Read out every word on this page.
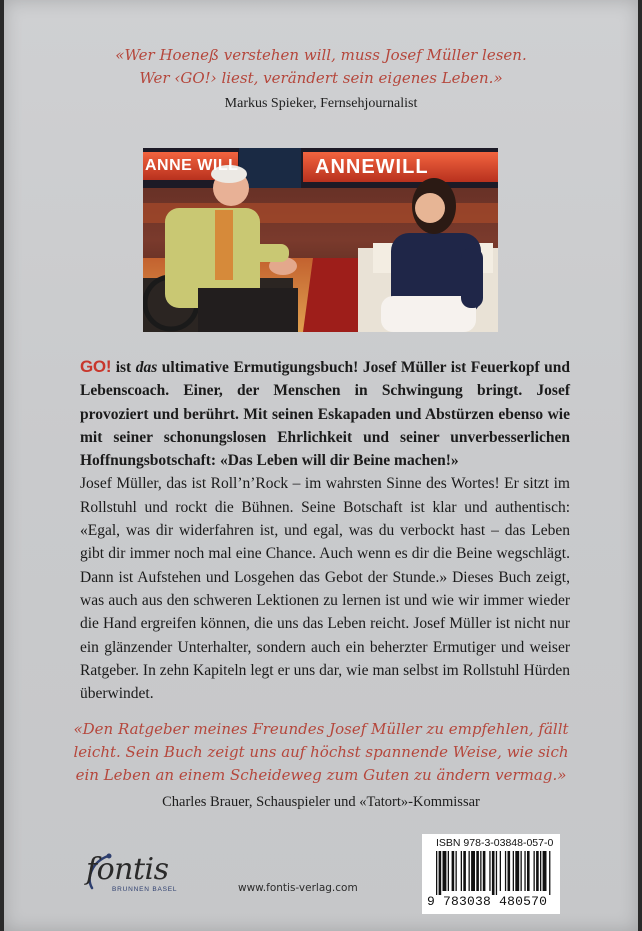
«Wer Hoeneß verstehen will, muss Josef Müller lesen.
Wer ‹GO!› liest, verändert sein eigenes Leben.»
Markus Spieker, Fernsehjournalist
ANNE WILL	ANNEWILL
GO! ist das ultimative Ermutigungsbuch! Josef Müller ist Feuerkopf und Lebenscoach. Einer, der Menschen in Schwingung bringt. Josef provoziert und berührt. Mit seinen Eskapaden und Abstürzen ebenso wie mit seiner schonungslosen Ehrlichkeit und seiner unverbesserlichen Hoffnungsbotschaft: «Das Leben will dir Beine machen!»
Josef Müller, das ist Roll’n’Rock – im wahrsten Sinne des Wortes! Er sitzt im Rollstuhl und rockt die Bühnen. Seine Botschaft ist klar und authentisch: «Egal, was dir widerfahren ist, und egal, was du verbockt hast – das Leben gibt dir immer noch mal eine Chance. Auch wenn es dir die Beine wegschlägt. Dann ist Aufstehen und Losgehen das Gebot der Stunde.» Dieses Buch zeigt, was auch aus den schweren Lektionen zu lernen ist und wie wir immer wieder die Hand ergreifen können, die uns das Leben reicht. Josef Müller ist nicht nur ein glänzender Unterhalter, sondern auch ein beherzter Ermutiger und weiser Ratgeber. In zehn Kapiteln legt er uns dar, wie man selbst im Rollstuhl Hürden überwindet.
«Den Ratgeber meines Freundes Josef Müller zu empfehlen, fällt
leicht. Sein Buch zeigt uns auf höchst spannende Weise, wie sich
ein Leben an einem Scheideweg zum Guten zu ändern vermag.»
Charles Brauer, Schauspieler und «Tatort»-Kommissar
fontis
BRUNNEN BASEL	www.fontis-verlag.com
ISBN 978-3-03848-057-0
9 783038 480570
